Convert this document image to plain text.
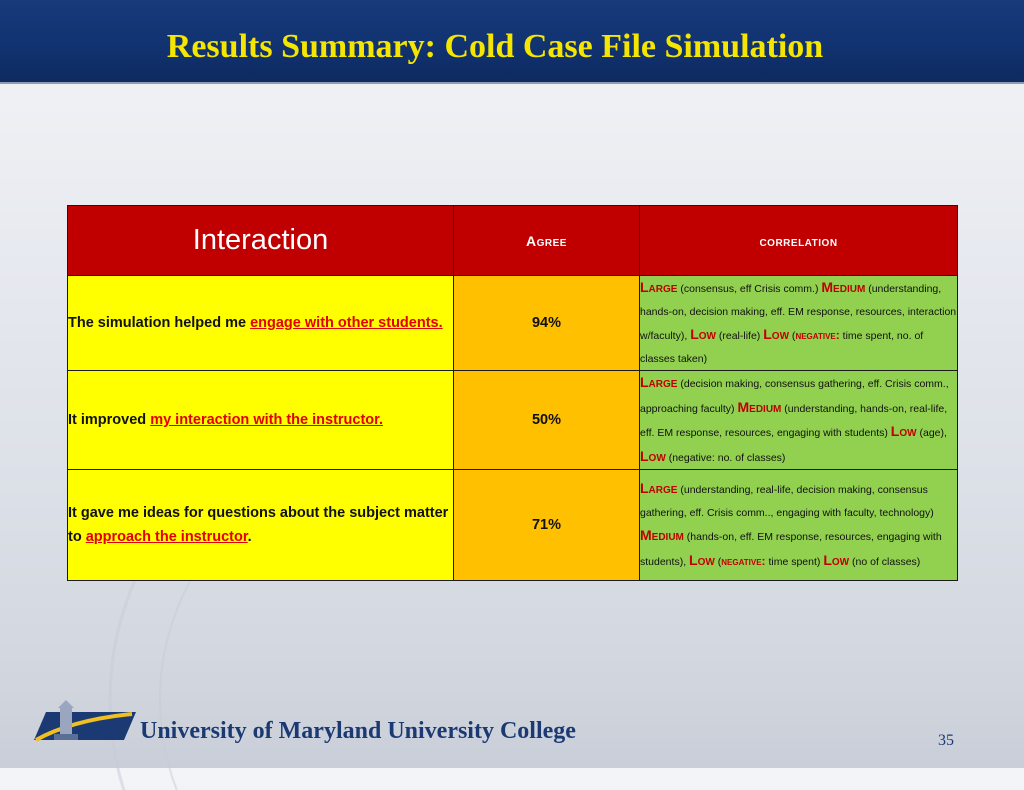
Results Summary: Cold Case File Simulation
Interaction	Agree	correlation
The simulation helped me engage with other students.	94%	Large (consensus, eff Crisis comm.) Medium (understanding, hands-on, decision making, eff. EM response, resources, interaction w/faculty), Low (real-life) Low (negative: time spent, no. of classes taken)
It improved my interaction with the instructor.	50%	Large (decision making, consensus gathering, eff. Crisis comm., approaching faculty) Medium (understanding, hands-on, real-life, eff. EM response, resources, engaging with students) Low (age), Low (negative: no. of classes)
It gave me ideas for questions about the subject matter to approach the instructor.	71%	Large (understanding, real-life, decision making, consensus gathering, eff. Crisis comm.., engaging with faculty, technology) Medium (hands-on, eff. EM response, resources, engaging with students), Low (negative: time spent) Low (no of classes)
University of Maryland University College	35
